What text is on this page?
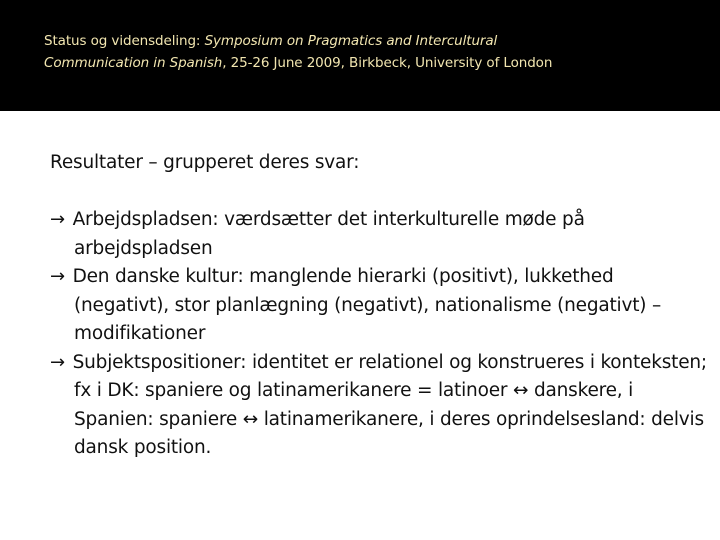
Status og vidensdeling: Symposium on Pragmatics and Intercultural
Communication in Spanish, 25-26 June 2009, Birkbeck, University of London
Resultater – grupperet deres svar:
→ Arbejdspladsen: værdsætter det interkulturelle møde på arbejdspladsen
→ Den danske kultur: manglende hierarki (positivt), lukkethed (negativt), stor planlægning (negativt), nationalisme (negativt) – modifikationer
→ Subjektspositioner: identitet er relationel og konstrueres i konteksten; fx i DK: spaniere og latinamerikanere = latinoer ↔ danskere, i Spanien: spaniere ↔ latinamerikanere, i deres oprindelsesland: delvis dansk position.
